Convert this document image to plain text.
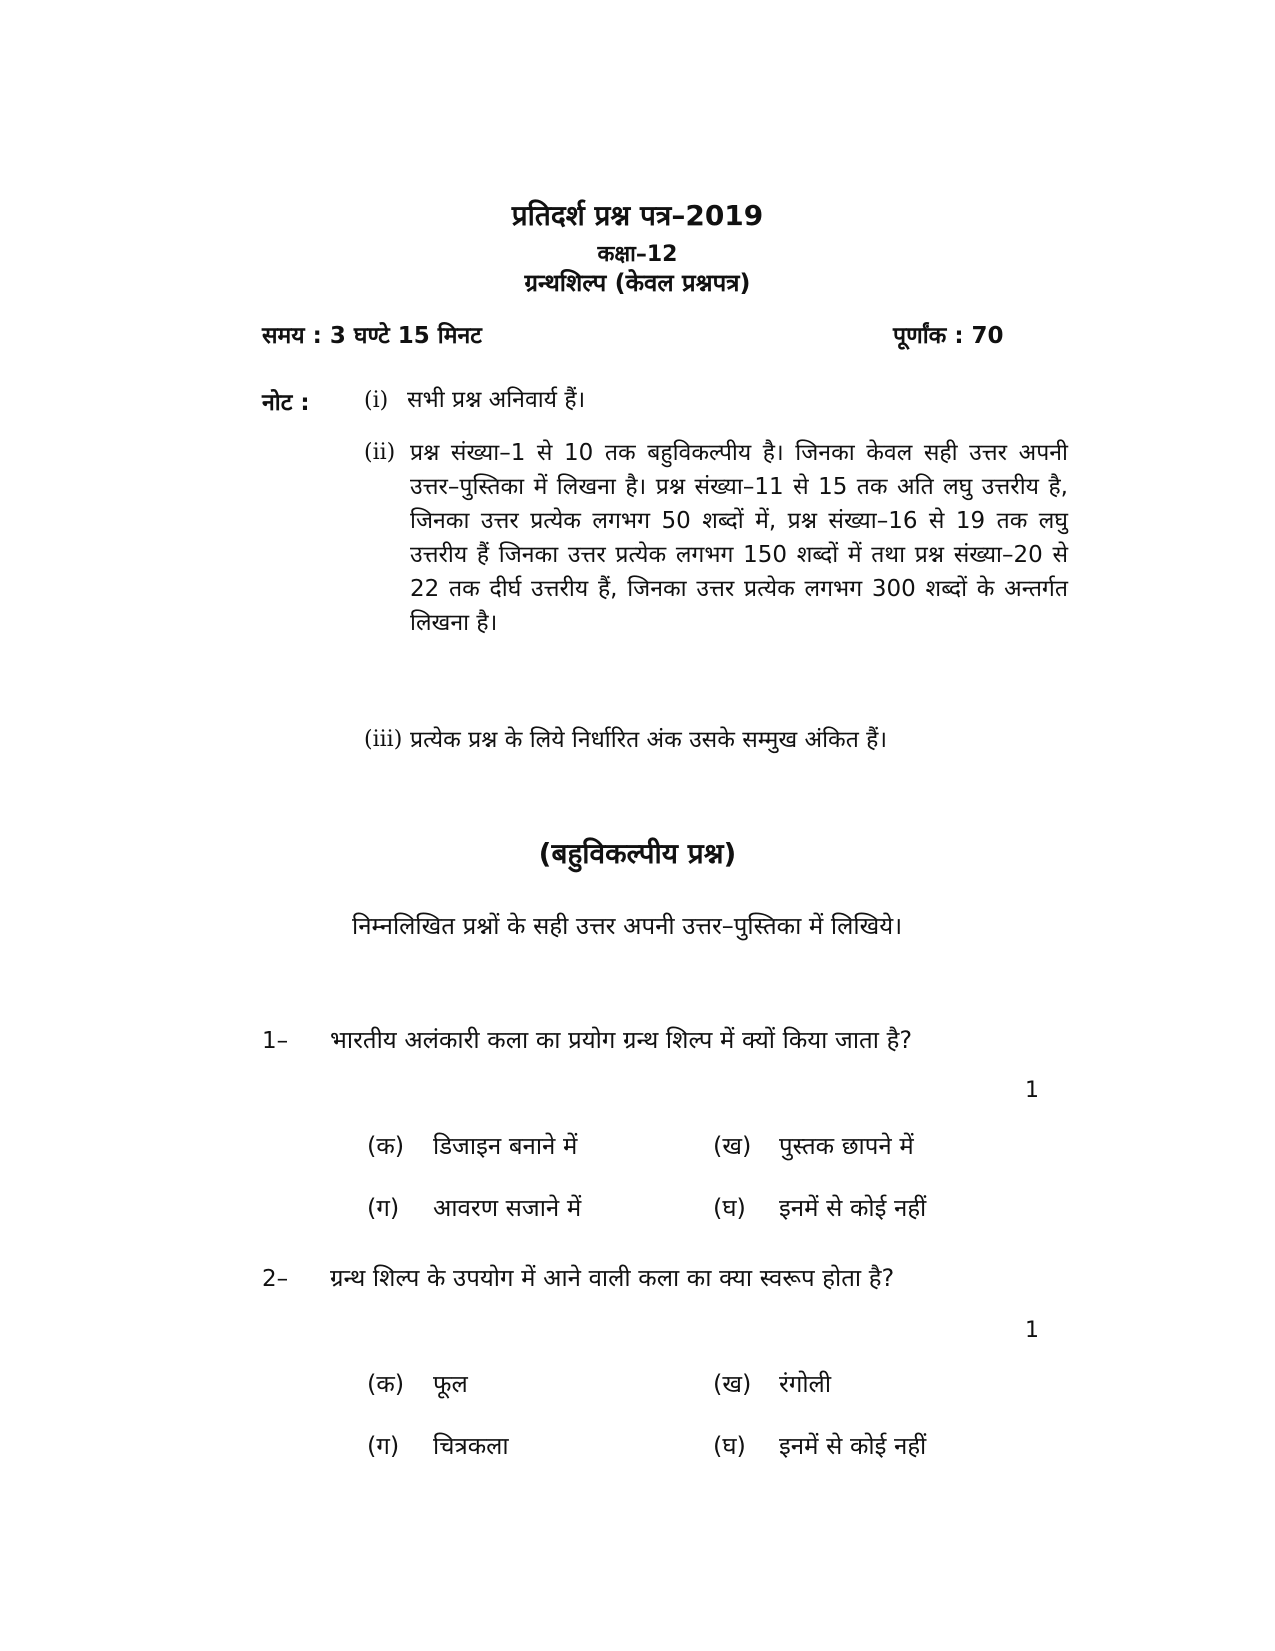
प्रतिदर्श प्रश्न पत्र–2019
कक्षा–12
ग्रन्थशिल्प (केवल प्रश्नपत्र)
समय : 3 घण्टे 15 मिनट	पूर्णांक : 70
नोट : (i) सभी प्रश्न अनिवार्य हैं।
(ii) प्रश्न संख्या–1 से 10 तक बहुविकल्पीय है। जिनका केवल सही उत्तर अपनी उत्तर–पुस्तिका में लिखना है। प्रश्न संख्या–11 से 15 तक अति लघु उत्तरीय है, जिनका उत्तर प्रत्येक लगभग 50 शब्दों में, प्रश्न संख्या–16 से 19 तक लघु उत्तरीय हैं जिनका उत्तर प्रत्येक लगभग 150 शब्दों में तथा प्रश्न संख्या–20 से 22 तक दीर्घ उत्तरीय हैं, जिनका उत्तर प्रत्येक लगभग 300 शब्दों के अन्तर्गत लिखना है।
(iii) प्रत्येक प्रश्न के लिये निर्धारित अंक उसके सम्मुख अंकित हैं।
(बहुविकल्पीय प्रश्न)
निम्नलिखित प्रश्नों के सही उत्तर अपनी उत्तर–पुस्तिका में लिखिये।
1– भारतीय अलंकारी कला का प्रयोग ग्रन्थ शिल्प में क्यों किया जाता है?
1
(क) डिजाइन बनाने में	(ख) पुस्तक छापने में
(ग) आवरण सजाने में	(घ) इनमें से कोई नहीं
2– ग्रन्थ शिल्प के उपयोग में आने वाली कला का क्या स्वरूप होता है?
1
(क) फूल	(ख) रंगोली
(ग) चित्रकला	(घ) इनमें से कोई नहीं
